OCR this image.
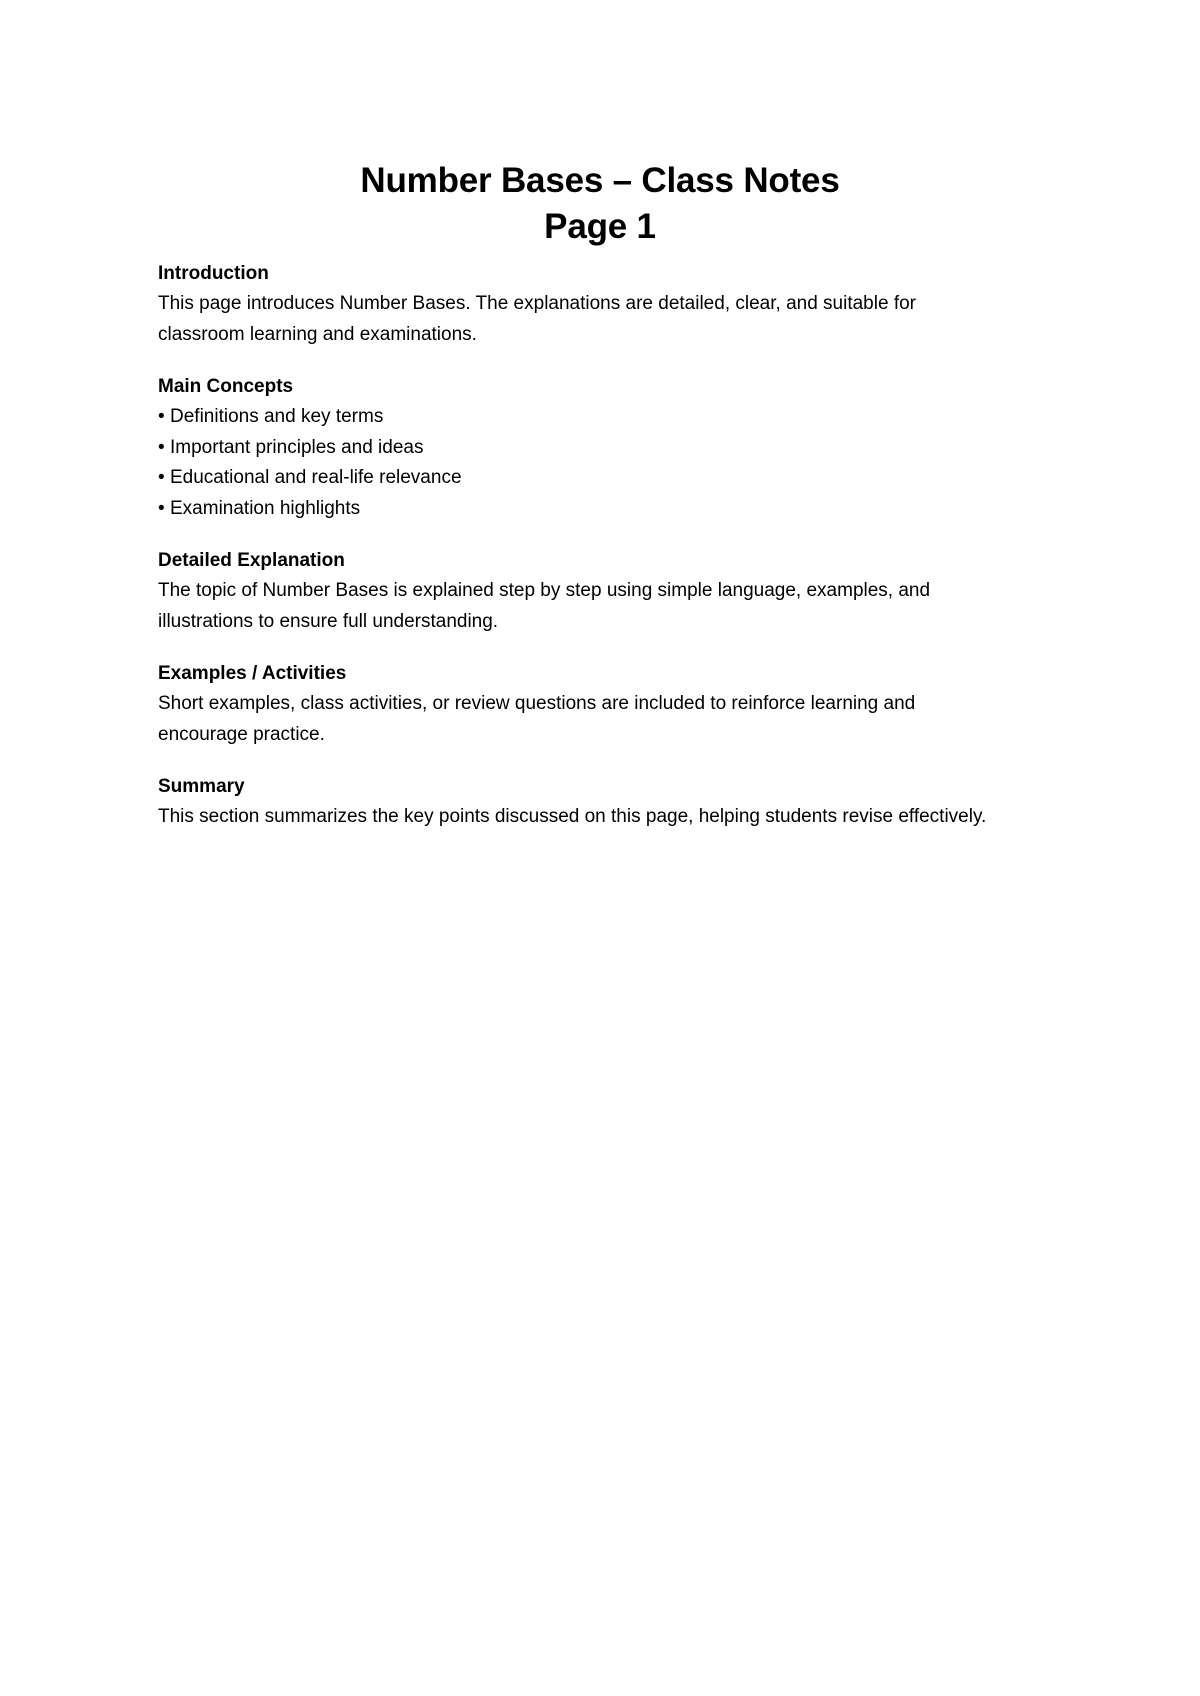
Number Bases – Class Notes
Page 1

Introduction

This page introduces Number Bases. The explanations are detailed, clear, and suitable for classroom learning and examinations.

Main Concepts

• Definitions and key terms
• Important principles and ideas
• Educational and real-life relevance
• Examination highlights

Detailed Explanation

The topic of Number Bases is explained step by step using simple language, examples, and illustrations to ensure full understanding.

Examples / Activities

Short examples, class activities, or review questions are included to reinforce learning and encourage practice.

Summary

This section summarizes the key points discussed on this page, helping students revise effectively.
